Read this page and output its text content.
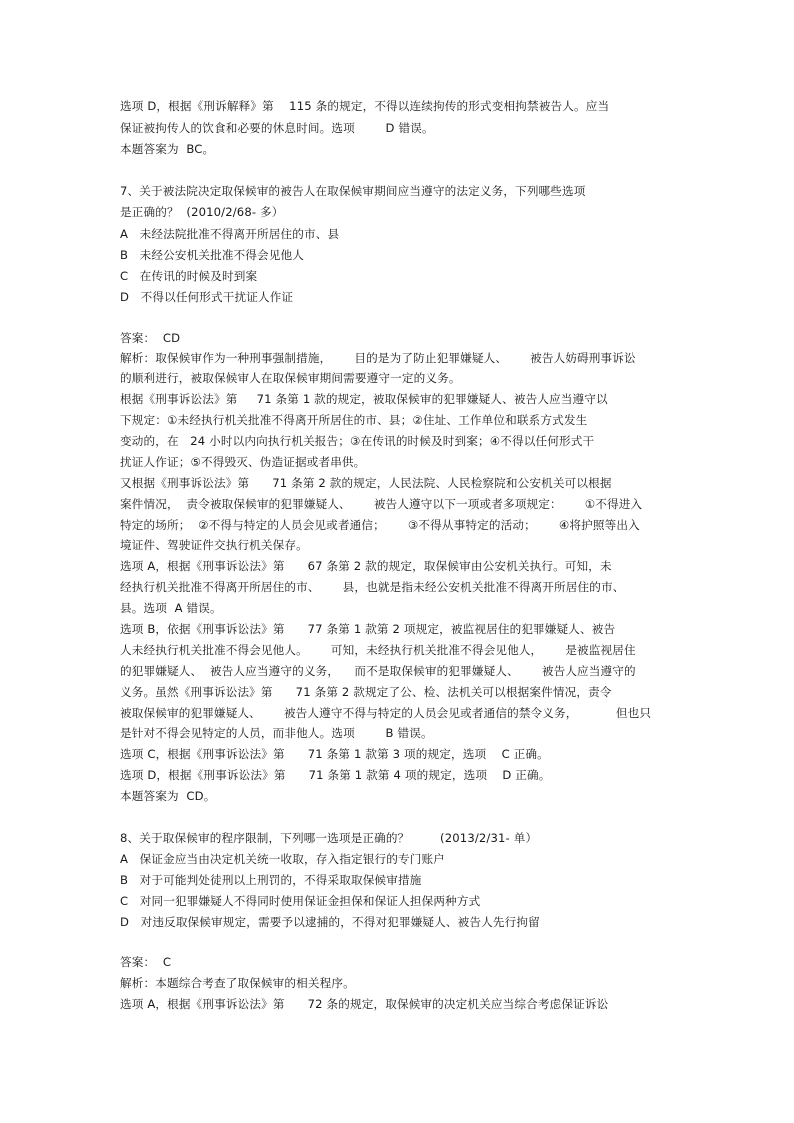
选项 D，根据《刑诉解释》第    115 条的规定，不得以连续拘传的形式变相拘禁被告人。应当
保证被拘传人的饮食和必要的休息时间。选项        D 错误。
本题答案为  BC。
7、关于被法院决定取保候审的被告人在取保候审期间应当遵守的法定义务，下列哪些选项
是正确的？  (2010/2/68- 多）
A   未经法院批准不得离开所居住的市、县
B   未经公安机关批准不得会见他人
C   在传讯的时候及时到案
D   不得以任何形式干扰证人作证
答案：  CD
解析：取保候审作为一种刑事强制措施，      目的是为了防止犯罪嫌疑人、      被告人妨碍刑事诉讼
的顺利进行，被取保候审人在取保候审期间需要遵守一定的义务。
根据《刑事诉讼法》第     71 条第 1 款的规定，被取保候审的犯罪嫌疑人、被告人应当遵守以
下规定：①未经执行机关批准不得离开所居住的市、县；②住址、工作单位和联系方式发生
变动的，在   24 小时以内向执行机关报告；③在传讯的时候及时到案；④不得以任何形式干
扰证人作证；⑤不得毁灭、伪造证据或者串供。
又根据《刑事诉讼法》第      71 条第 2 款的规定，人民法院、人民检察院和公安机关可以根据
案件情况，  责令被取保候审的犯罪嫌疑人、      被告人遵守以下一项或者多项规定：      ①不得进入
特定的场所；  ②不得与特定的人员会见或者通信；      ③不得从事特定的活动；      ④将护照等出入
境证件、驾驶证件交执行机关保存。
选项 A，根据《刑事诉讼法》第      67 条第 2 款的规定，取保候审由公安机关执行。可知，未
经执行机关批准不得离开所居住的市、      县，也就是指未经公安机关批准不得离开所居住的市、
县。选项  A 错误。
选项 B，依据《刑事诉讼法》第      77 条第 1 款第 2 项规定，被监视居住的犯罪嫌疑人、被告
人未经执行机关批准不得会见他人。      可知，未经执行机关批准不得会见他人，      是被监视居住
的犯罪嫌疑人、  被告人应当遵守的义务，    而不是取保候审的犯罪嫌疑人、      被告人应当遵守的
义务。虽然《刑事诉讼法》第      71 条第 2 款规定了公、检、法机关可以根据案件情况，责令
被取保候审的犯罪嫌疑人、      被告人遵守不得与特定的人员会见或者通信的禁令义务，          但也只
是针对不得会见特定的人员，而非他人。选项        B 错误。
选项 C，根据《刑事诉讼法》第      71 条第 1 款第 3 项的规定，选项    C 正确。
选项 D，根据《刑事诉讼法》第      71 条第 1 款第 4 项的规定，选项    D 正确。
本题答案为  CD。
8、关于取保候审的程序限制，下列哪一选项是正确的？        (2013/2/31- 单）
A   保证金应当由决定机关统一收取，存入指定银行的专门账户
B   对于可能判处徒刑以上刑罚的，不得采取取保候审措施
C   对同一犯罪嫌疑人不得同时使用保证金担保和保证人担保两种方式
D   对违反取保候审规定，需要予以逮捕的，不得对犯罪嫌疑人、被告人先行拘留
答案：  C
解析：本题综合考查了取保候审的相关程序。
选项 A，根据《刑事诉讼法》第      72 条的规定，取保候审的决定机关应当综合考虑保证诉讼
